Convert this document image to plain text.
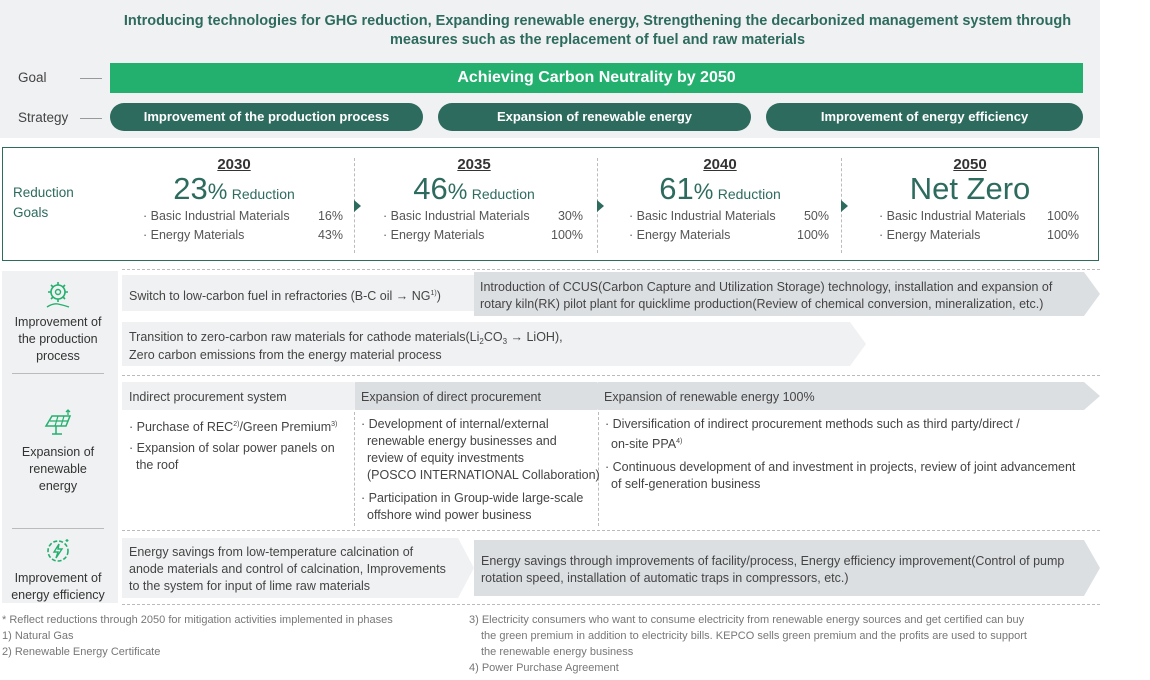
Introducing technologies for GHG reduction, Expanding renewable energy, Strengthening the decarbonized management system through measures such as the replacement of fuel and raw materials
Goal	Achieving Carbon Neutrality by 2050
Strategy	Improvement of the production process	Expansion of renewable energy	Improvement of energy efficiency
Reduction
Goals
2030
23% Reduction
· Basic Industrial Materials 16%
· Energy Materials	43%
2035
46% Reduction
· Basic Industrial Materials 30%
· Energy Materials	100%
2040
61% Reduction
· Basic Industrial Materials 50%
· Energy Materials	100%
2050
Net Zero
· Basic Industrial Materials 100%
· Energy Materials	100%
Improvement of
the production
process
Expansion of
renewable
energy
Improvement of
energy efficiency
Switch to low-carbon fuel in refractories (B-C oil → $NG^{1)}$)
Introduction of CCUS(Carbon Capture and Utilization Storage) technology, installation and expansion of
rotary kiln(RK) pilot plant for quicklime production(Review of chemical conversion, mineralization, etc.)
Transition to zero-carbon raw materials for cathode $materials(Li_2CO_3$ → LiOH),
Zero carbon emissions from the energy material process
Indirect procurement system	Expansion of direct procurement	Expansion of renewable energy 100%
· Purchase of REC$^{2)}$/Green Premium$^{3)}$
· Expansion of solar power panels on
the roof
· Development of internal/external
renewable energy businesses and
review of equity investments
(POSCO INTERNATIONAL Collaboration)
· Participation in Group-wide large-scale
offshore wind power business
· Diversification of indirect procurement methods such as third party/direct /
on-site $PPA^{4)}$
· Continuous development of and investment in projects, review of joint advancement
of self-generation business
Energy savings from low-temperature calcination of
anode materials and control of calcination, Improvements
to the system for input of lime raw materials
Energy savings through improvements of facility/process, Energy efficiency improvement(Control of pump
rotation speed, installation of automatic traps in compressors, etc.)
* Reflect reductions through 2050 for mitigation activities implemented in phases
1) Natural Gas
2) Renewable Energy Certificate
3) Electricity consumers who want to consume electricity from renewable energy sources and get certified can buy
the green premium in addition to electricity bills. KEPCO sells green premium and the profits are used to support
the renewable energy business
4) Power Purchase Agreement
